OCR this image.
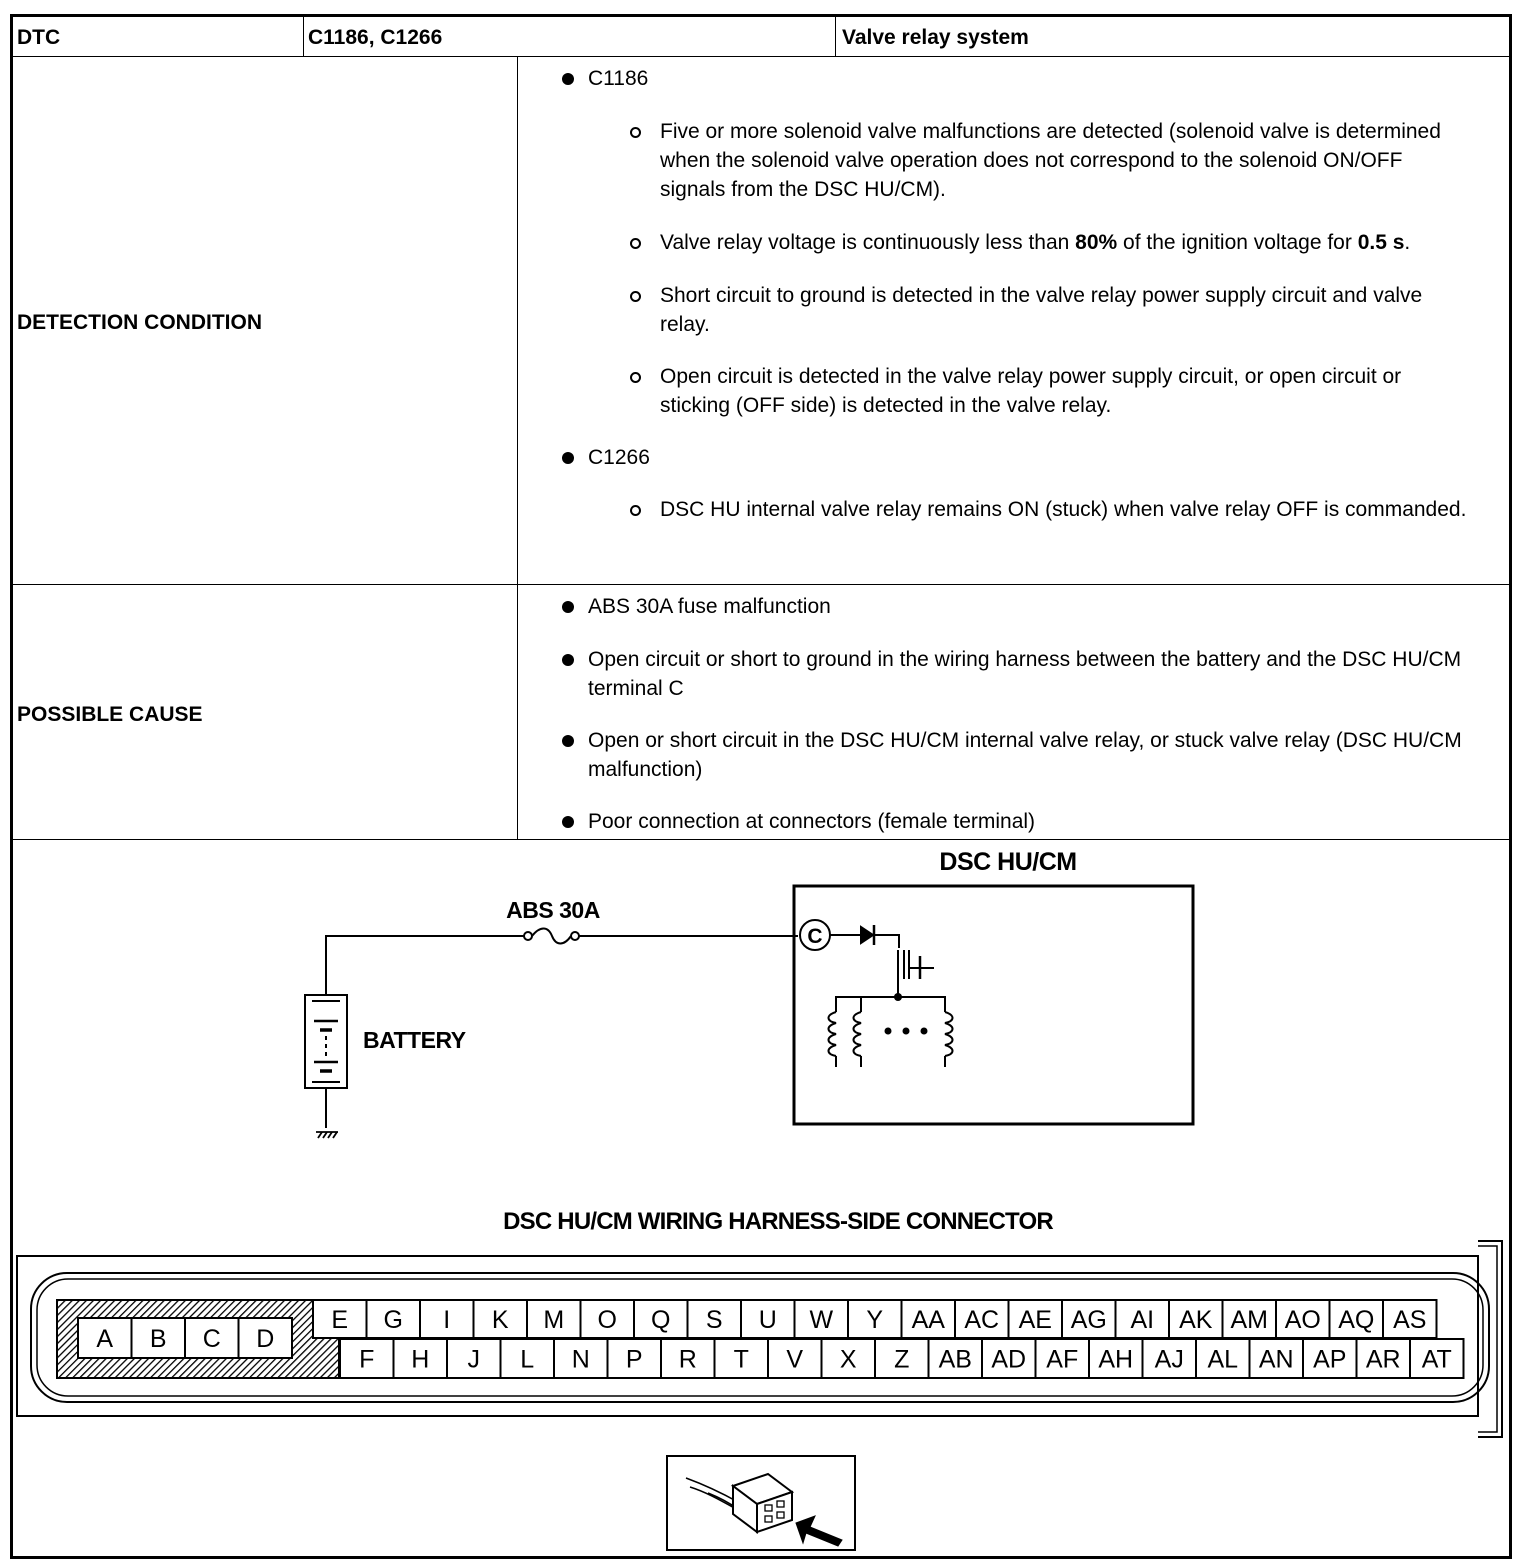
DTC	C1186, C1266	Valve relay system
DETECTION CONDITION

C1186

Five or more solenoid valve malfunctions are detected (solenoid valve is determined when the solenoid valve operation does not correspond to the solenoid ON/OFF signals from the DSC HU/CM).

Valve relay voltage is continuously less than 80% of the ignition voltage for 0.5 s.

Short circuit to ground is detected in the valve relay power supply circuit and valve relay.

Open circuit is detected in the valve relay power supply circuit, or open circuit or sticking (OFF side) is detected in the valve relay.

C1266

DSC HU internal valve relay remains ON (stuck) when valve relay OFF is commanded.

POSSIBLE CAUSE

ABS 30A fuse malfunction

Open circuit or short to ground in the wiring harness between the battery and the DSC HU/CM terminal C

Open or short circuit in the DSC HU/CM internal valve relay, or stuck valve relay (DSC HU/CM malfunction)

Poor connection at connectors (female terminal)

DSC HU/CM
ABS 30A
BATTERY
C
DSC HU/CM WIRING HARNESS-SIDE CONNECTOR
A B C D
E G I K M O Q S U W Y AA AC AE AG AI AK AM AO AQ AS
F H J L N P R T V X Z AB AD AF AH AJ AL AN AP AR AT
